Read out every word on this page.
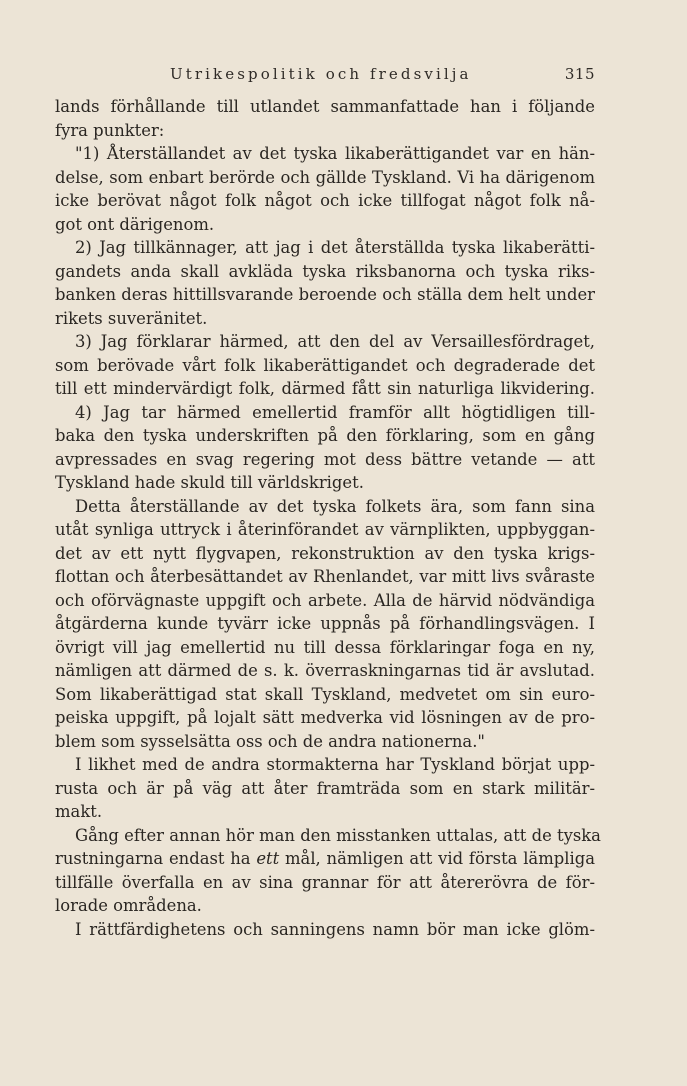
Utrikespolitik och fredsvilja	315
lands förhållande till utlandet sammanfattade han i följande
fyra punkter:
"1) Återställandet av det tyska likaberättigandet var en hän-
delse, som enbart berörde och gällde Tyskland. Vi ha därigenom
icke berövat något folk något och icke tillfogat något folk nå-
got ont därigenom.
2) Jag tillkännager, att jag i det återställda tyska likaberätti-
gandets anda skall avkläda tyska riksbanorna och tyska riks-
banken deras hittillsvarande beroende och ställa dem helt under
rikets suveränitet.
3) Jag förklarar härmed, att den del av Versaillesfördraget,
som berövade vårt folk likaberättigandet och degraderade det
till ett mindervärdigt folk, därmed fått sin naturliga likvidering.
4) Jag tar härmed emellertid framför allt högtidligen till-
baka den tyska underskriften på den förklaring, som en gång
avpressades en svag regering mot dess bättre vetande — att
Tyskland hade skuld till världskriget.
Detta återställande av det tyska folkets ära, som fann sina
utåt synliga uttryck i återinförandet av värnplikten, uppbyggan-
det av ett nytt flygvapen, rekonstruktion av den tyska krigs-
flottan och återbesättandet av Rhenlandet, var mitt livs svåraste
och oförvägnaste uppgift och arbete. Alla de härvid nödvändiga
åtgärderna kunde tyvärr icke uppnås på förhandlingsvägen. I
övrigt vill jag emellertid nu till dessa förklaringar foga en ny,
nämligen att därmed de s. k. överraskningarnas tid är avslutad.
Som likaberättigad stat skall Tyskland, medvetet om sin euro-
peiska uppgift, på lojalt sätt medverka vid lösningen av de pro-
blem som sysselsätta oss och de andra nationerna."
I likhet med de andra stormakterna har Tyskland börjat upp-
rusta och är på väg att åter framträda som en stark militär-
makt.
Gång efter annan hör man den misstanken uttalas, att de tyska
rustningarna endast ha ett mål, nämligen att vid första lämpliga
tillfälle överfalla en av sina grannar för att återerövra de för-
lorade områdena.
I rättfärdighetens och sanningens namn bör man icke glöm-
